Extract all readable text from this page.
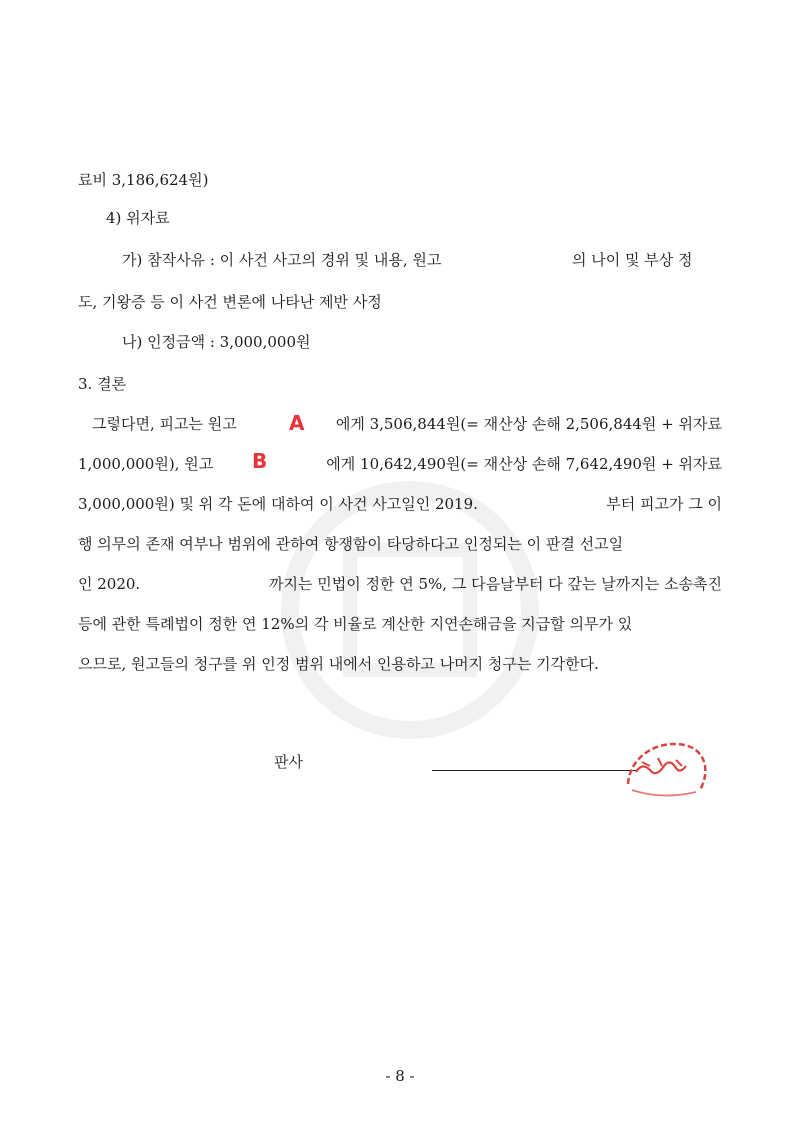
료비 3,186,624원)
4) 위자료
가) 참작사유 : 이 사건 사고의 경위 및 내용, 원고	의 나이 및 부상 정
도, 기왕증 등 이 사건 변론에 나타난 제반 사정
나) 인정금액 : 3,000,000원
3. 결론
그렇다면, 피고는 원고	A	에게 3,506,844원(= 재산상 손해 2,506,844원 + 위자료
1,000,000원), 원고 B	에게 10,642,490원(= 재산상 손해 7,642,490원 + 위자료
3,000,000원) 및 위 각 돈에 대하여 이 사건 사고일인 2019.	부터 피고가 그 이
행 의무의 존재 여부나 범위에 관하여 항쟁함이 타당하다고 인정되는 이 판결 선고일
인 2020.	까지는 민법이 정한 연 5%, 그 다음날부터 다 갚는 날까지는 소송촉진
등에 관한 특례법이 정한 연 12%의 각 비율로 계산한 지연손해금을 지급할 의무가 있
으므로, 원고들의 청구를 위 인정 범위 내에서 인용하고 나머지 청구는 기각한다.
판사
- 8 -
